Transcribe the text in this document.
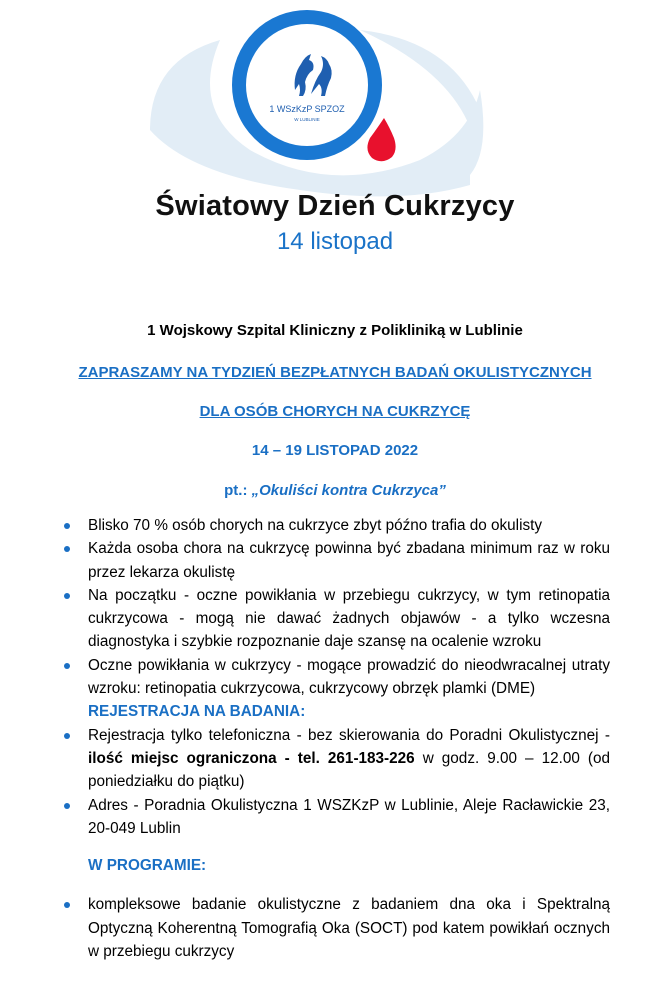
1 WSzKzP SPZOZ
W LUBLINIE
Światowy Dzień Cukrzycy
14 listopad
1 Wojskowy Szpital Kliniczny z Polikliniką w Lublinie
ZAPRASZAMY NA TYDZIEŃ BEZPŁATNYCH BADAŃ OKULISTYCZNYCH
DLA OSÓB CHORYCH NA CUKRZYCĘ
14 – 19 LISTOPAD 2022
pt.: „Okuliści kontra Cukrzyca”
Blisko 70 % osób chorych na cukrzyce zbyt późno trafia do okulisty
Każda osoba chora na cukrzycę powinna być zbadana minimum raz w roku przez lekarza okulistę
Na początku - oczne powikłania w przebiegu cukrzycy, w tym retinopatia cukrzycowa - mogą nie dawać żadnych objawów - a tylko wczesna diagnostyka i szybkie rozpoznanie daje szansę na ocalenie wzroku
Oczne powikłania w cukrzycy - mogące prowadzić do nieodwracalnej utraty wzroku: retinopatia cukrzycowa, cukrzycowy obrzęk plamki (DME)
REJESTRACJA NA BADANIA:
Rejestracja tylko telefoniczna - bez skierowania do Poradni Okulistycznej - ilość miejsc ograniczona - tel. 261-183-226 w godz. 9.00 – 12.00 (od poniedziałku do piątku)
Adres - Poradnia Okulistyczna 1 WSZKzP w Lublinie, Aleje Racławickie 23, 20-049 Lublin
W PROGRAMIE:
kompleksowe badanie okulistyczne z badaniem dna oka i Spektralną Optyczną Koherentną Tomografią Oka (SOCT) pod katem powikłań ocznych w przebiegu cukrzycy
